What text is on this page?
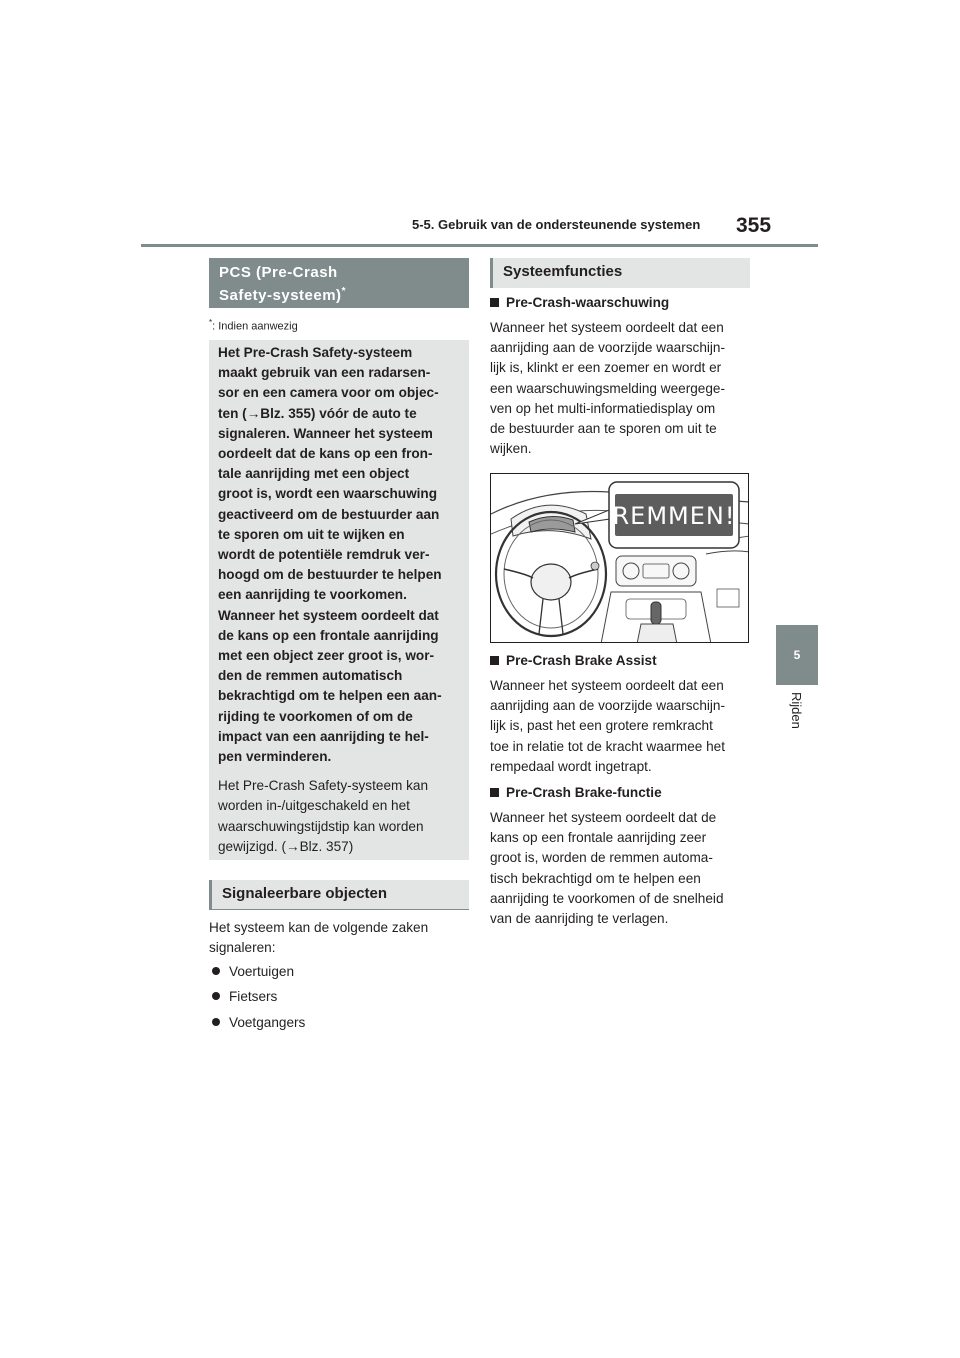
5-5. Gebruik van de ondersteunende systemen 355
5
Rijden
PCS (Pre-Crash
Safety-systeem)*
*: Indien aanwezig
Het Pre-Crash Safety-systeem
maakt gebruik van een radarsen-
sor en een camera voor om objec-
ten (→Blz. 355) vóór de auto te
signaleren. Wanneer het systeem
oordeelt dat de kans op een fron-
tale aanrijding met een object
groot is, wordt een waarschuwing
geactiveerd om de bestuurder aan
te sporen om uit te wijken en
wordt de potentiële remdruk ver-
hoogd om de bestuurder te helpen
een aanrijding te voorkomen.
Wanneer het systeem oordeelt dat
de kans op een frontale aanrijding
met een object zeer groot is, wor-
den de remmen automatisch
bekrachtigd om te helpen een aan-
rijding te voorkomen of om de
impact van een aanrijding te hel-
pen verminderen.
Het Pre-Crash Safety-systeem kan
worden in-/uitgeschakeld en het
waarschuwingstijdstip kan worden
gewijzigd. (→Blz. 357)
Signaleerbare objecten
Het systeem kan de volgende zaken
signaleren:
Voertuigen
Fietsers
Voetgangers
Systeemfuncties
Pre-Crash-waarschuwing
Wanneer het systeem oordeelt dat een
aanrijding aan de voorzijde waarschijn-
lijk is, klinkt er een zoemer en wordt er
een waarschuwingsmelding weergege-
ven op het multi-informatiedisplay om
de bestuurder aan te sporen om uit te
wijken.
REMMEN!
Pre-Crash Brake Assist
Wanneer het systeem oordeelt dat een
aanrijding aan de voorzijde waarschijn-
lijk is, past het een grotere remkracht
toe in relatie tot de kracht waarmee het
rempedaal wordt ingetrapt.
Pre-Crash Brake-functie
Wanneer het systeem oordeelt dat de
kans op een frontale aanrijding zeer
groot is, worden de remmen automa-
tisch bekrachtigd om te helpen een
aanrijding te voorkomen of de snelheid
van de aanrijding te verlagen.
